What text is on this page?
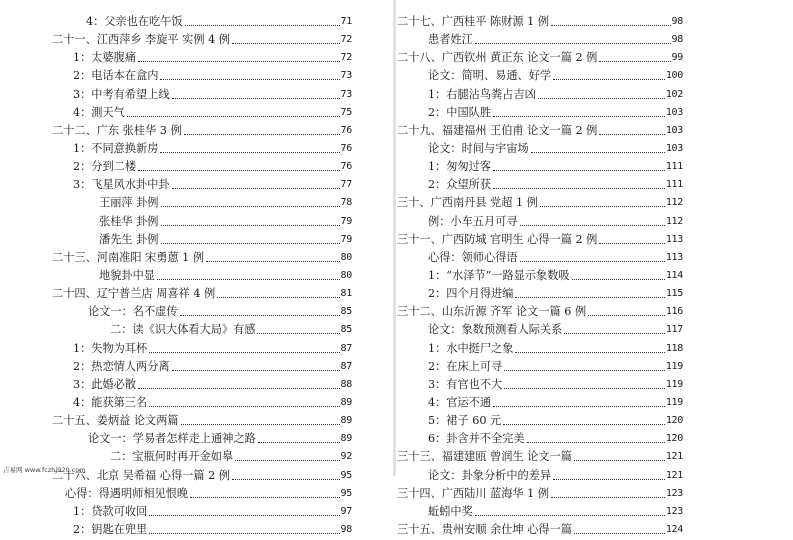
4：父亲也在吃午饭	71
二十一、江西萍乡 李旋平 实例 4 例	72
1：太婆腹痛	72
2：电话本在盒内	73
3：中考有希望上线	73
4：測天气	75
二十二、广东 张桂华 3 例	76
1：不同意换新房	76
2：分到二楼	76
3：飞星风水卦中卦	77
王丽萍 卦例	78
张桂华 卦例	79
潘先生 卦例	79
二十三、河南准阳 宋勇蒽 1 例	80
地貌卦中显	80
二十四、辽宁普兰店 周喜祥 4 例	81
论文一：名不虚传	85
二：读《识大体看大局》有感	85
1：失物为耳杯	87
2：热恋情人两分离	87
3：此婚必散	88
4：能获第三名	89
二十五、姜炳益 论文两篇	89
论文一：学易者怎样走上通神之路	89
二：宝瓶何时再开金如皋	92
二十六、北京 吴希福 心得一篇 2 例	95
心得：得遇明师相见恨晚	95
1：贷款可收回	97
2：钥匙在兜里	98
二十七、广西桂平 陈财源 1 例	98
患者姓江	98
二十八、广西钦州 黄正东 论文一篇 2 例	99
论文：简明、易通、好学	100
1：右腿沾鸟粪占吉凶	102
2：中国队胜	103
二十九、福建福州 王伯甫 论文一篇 2 例	103
论文：时间与宇宙场	103
1：匆匆过客	111
2：众望所获	111
三十、广西南丹县 党超 1 例	112
例：小车五月可寻	112
三十一、广西防城 官明生 心得一篇 2 例	113
心得：领师心得语	113
1：“水泽节”一路显示象数吸	114
2：四个月得进编	115
三十二、山东沂源 齐军 论文一篇 6 例	116
论文：象数预测看人际关系	117
1：水中挺尸之象	118
2：在床上可寻	119
3：有官也不大	119
4：官运不通	119
5：裙子 60 元	120
6：卦含并不全完美	120
三十三、福建建瓯 曾润生 论文一篇	121
论文：卦象分析中的差异	121
三十四、广西陆川 蓝海华 1 例	123
蚯蚓中奖	123
三十五、贵州安顺 余仕坤 心得一篇	124
吉易网 www.fczhj920.com
